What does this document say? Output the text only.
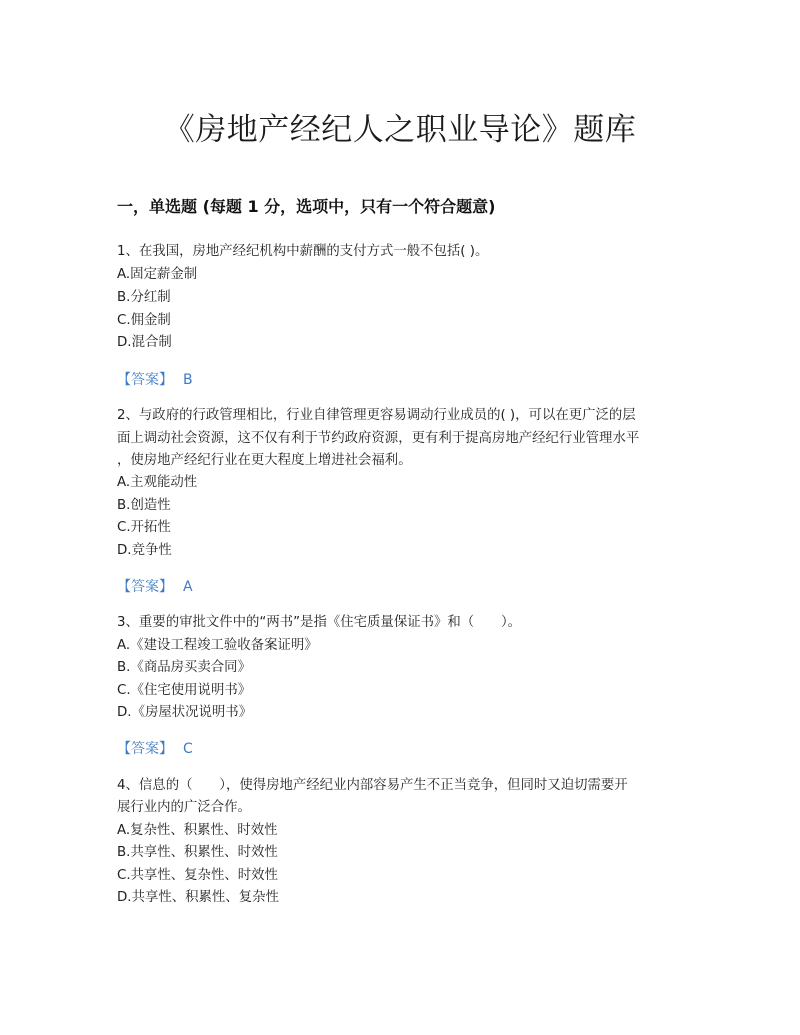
《房地产经纪人之职业导论》题库
一，单选题 (每题 1 分，选项中，只有一个符合题意)
1、在我国，房地产经纪机构中薪酬的支付方式一般不包括( )。
A.固定薪金制
B.分红制
C.佣金制
D.混合制
【答案】 B
2、与政府的行政管理相比，行业自律管理更容易调动行业成员的( )，可以在更广泛的层
面上调动社会资源，这不仅有利于节约政府资源，更有利于提高房地产经纪行业管理水平
，使房地产经纪行业在更大程度上增进社会福利。
A.主观能动性
B.创造性
C.开拓性
D.竞争性
【答案】 A
3、重要的审批文件中的“两书”是指《住宅质量保证书》和（　　）。
A.《建设工程竣工验收备案证明》
B.《商品房买卖合同》
C.《住宅使用说明书》
D.《房屋状况说明书》
【答案】 C
4、信息的（　　），使得房地产经纪业内部容易产生不正当竞争，但同时又迫切需要开
展行业内的广泛合作。
A.复杂性、积累性、时效性
B.共享性、积累性、时效性
C.共享性、复杂性、时效性
D.共享性、积累性、复杂性
